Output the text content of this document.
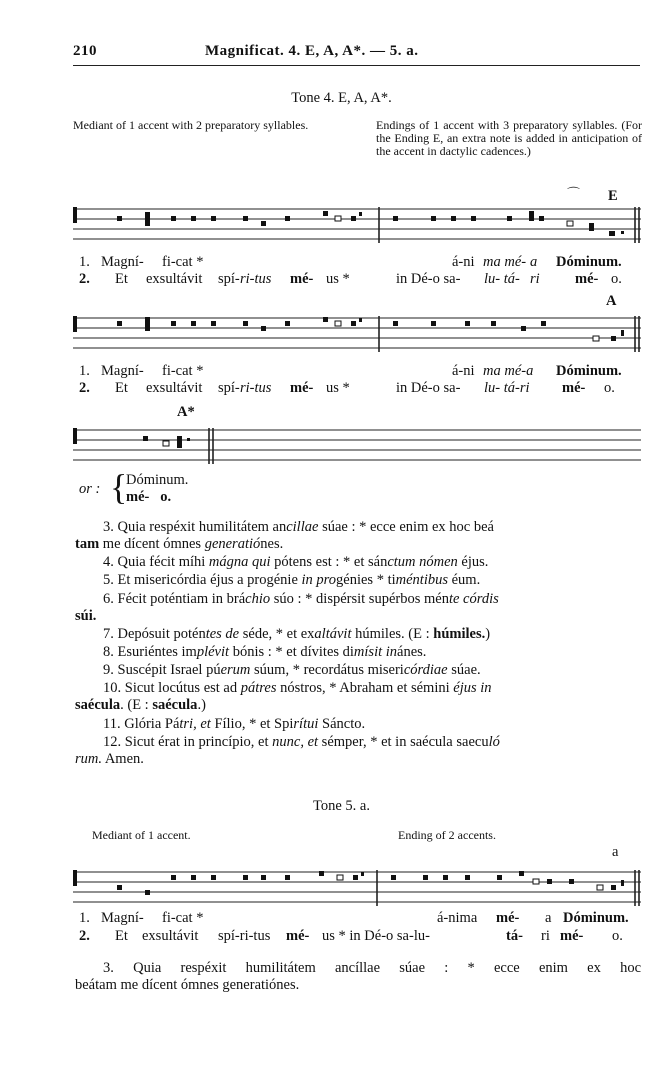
210	Magnificat. 4. E, A, A*. — 5. a.
Tone 4. E, A, A*.
Mediant of 1 accent with 2 preparatory syllables.	Endings of 1 accent with 3 preparatory syllables. (For the Ending E, an extra note is added in anticipation of the accent in dactylic cadences.)
⌒ E
1. Magní- fi-cat *	á-ni ma mé- a Dóminum.
2. Et exsultávit spí- ri-tus mé- us *	in Dé-o sa- lu- tá- ri mé- o.
A
1. Magní- fi-cat *	á-ni ma mé-a Dóminum.
2. Et exsultávit spí- ri-tus mé- us *	in Dé-o sa- lu- tá-ri mé- o.
A*
or : {
Dóminum.
mé-   o.
3. Quia respéxit humilitátem ancillae súae : * ecce enim ex hoc beá
tam me dícent ómnes generatiónes.
4. Quia fécit míhi mágna qui pótens est : * et sánctum nómen éjus.
5. Et misericórdia éjus a progénie in progénies * timéntibus éum.
6. Fécit poténtiam in bráchio súo : * dispérsit supérbos ménte córdis
súi.
7. Depósuit poténtes de séde, * et exaltávit húmiles. (E : húmiles.)
8. Esuriéntes implévit bónis : * et dívites dimísit inánes.
9. Suscépit Israel púerum súum, * recordátus misericórdiae súae.
10. Sicut locútus est ad pátres nóstros, * Abraham et sémini éjus in
saécula. (E : saécula.)
11. Glória Pátri, et Fílio, * et Spirítui Sáncto.
12. Sicut érat in princípio, et nunc, et sémper, * et in saécula saeculó
rum. Amen.
Tone 5. a.
Mediant of 1 accent.	Ending of 2 accents.
a
1. Magní- fi-cat *	á-nima mé- a Dóminum.
2. Et exsultávit spí-ri-tus mé- us * in Dé-o sa-lu-	tá- ri mé- o.
3. Quia respéxit humilitátem ancíllae súae : * ecce enim ex hoc
beátam me dícent ómnes generatiónes.
